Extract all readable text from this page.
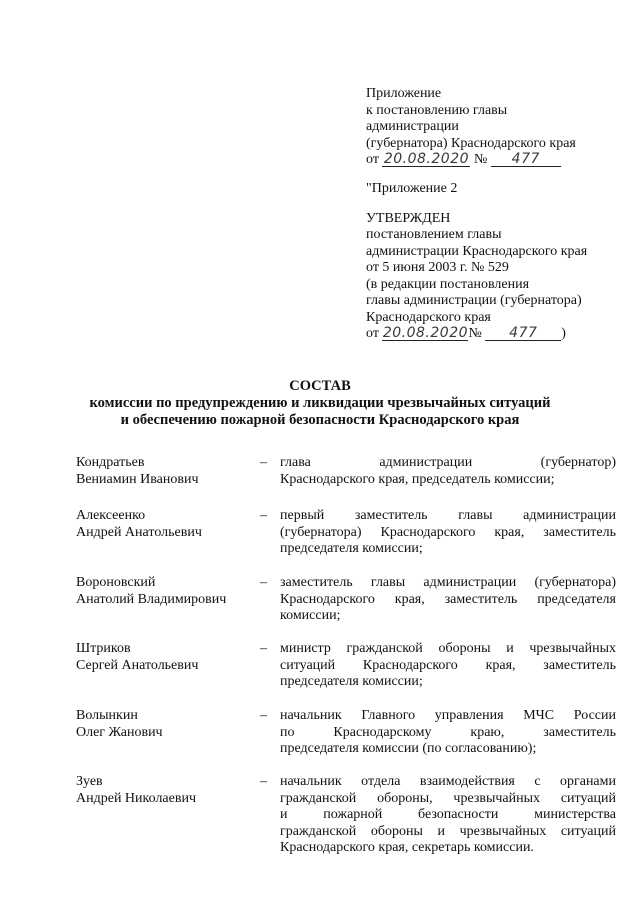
Приложение
к постановлению главы
администрации
(губернатора) Краснодарского края
от 20.08.2020 № 477
"Приложение 2
УТВЕРЖДЕН
постановлением главы
администрации Краснодарского края
от 5 июня 2003 г. № 529
(в редакции постановления
главы администрации (губернатора)
Краснодарского края
от 20.08.2020№ 477 )
СОСТАВ
комиссии по предупреждению и ликвидации чрезвычайных ситуаций
и обеспечению пожарной безопасности Краснодарского края
Кондратьев
Вениамин Иванович
– глава администрации (губернатор)
Краснодарского края, председатель комиссии;
Алексеенко
Андрей Анатольевич
– первый заместитель главы администрации
(губернатора) Краснодарского края, заместитель
председателя комиссии;
Вороновский
Анатолий Владимирович
– заместитель главы администрации (губернатора)
Краснодарского края, заместитель председателя
комиссии;
Штриков
Сергей Анатольевич
– министр гражданской обороны и чрезвычайных
ситуаций Краснодарского края, заместитель
председателя комиссии;
Волынкин
Олег Жанович
– начальник Главного управления МЧС России
по Краснодарскому краю, заместитель
председателя комиссии (по согласованию);
Зуев
Андрей Николаевич
– начальник отдела взаимодействия с органами
гражданской обороны, чрезвычайных ситуаций
и пожарной безопасности министерства
гражданской обороны и чрезвычайных ситуаций
Краснодарского края, секретарь комиссии.
